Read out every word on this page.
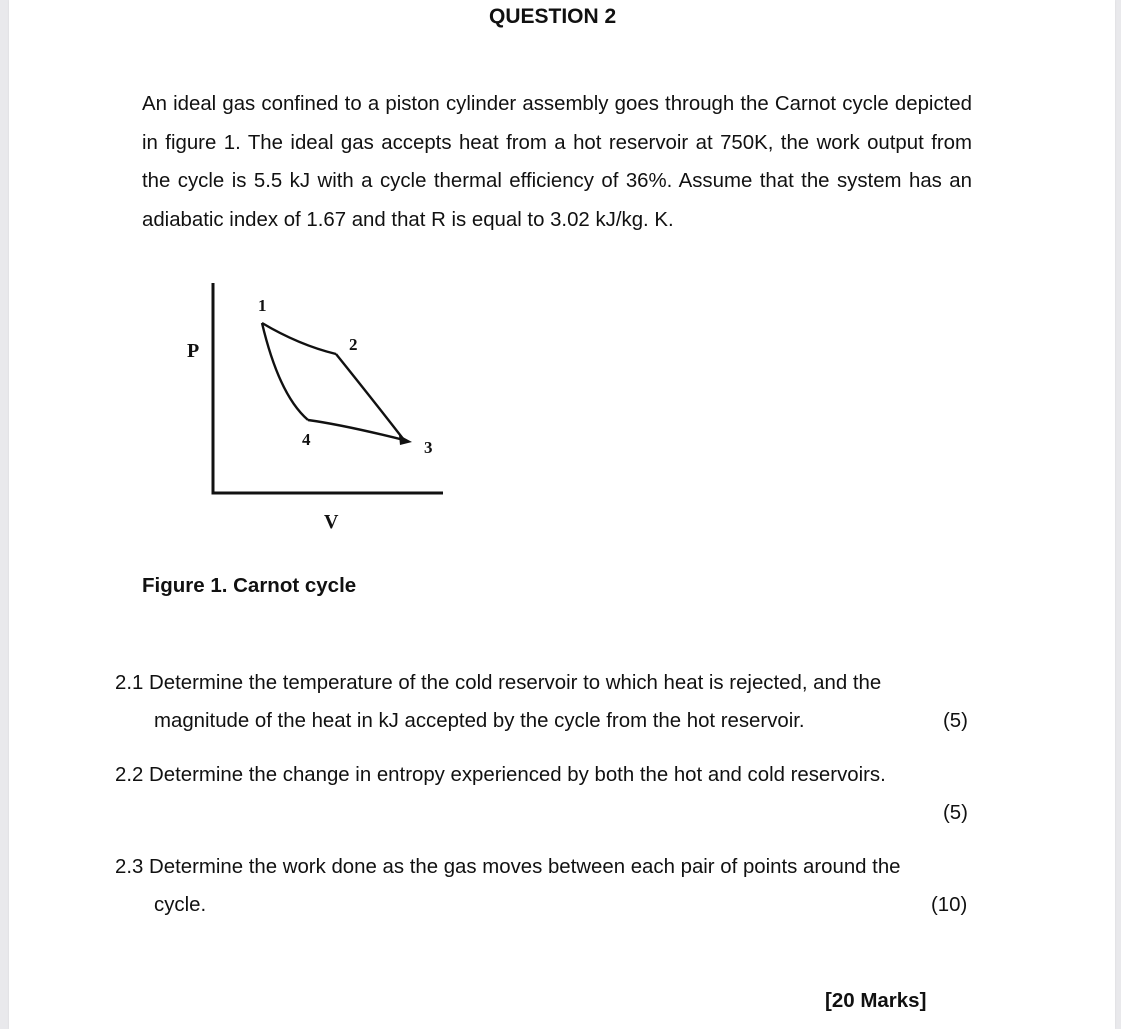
QUESTION 2
An ideal gas confined to a piston cylinder assembly goes through the Carnot cycle depicted in figure 1. The ideal gas accepts heat from a hot reservoir at 750K, the work output from the cycle is 5.5 kJ with a cycle thermal efficiency of 36%. Assume that the system has an adiabatic index of 1.67 and that R is equal to 3.02 kJ/kg. K.
P
V
1
2
3
4
Figure 1. Carnot cycle
2.1 Determine the temperature of the cold reservoir to which heat is rejected, and the
magnitude of the heat in kJ accepted by the cycle from the hot reservoir.	(5)
2.2 Determine the change in entropy experienced by both the hot and cold reservoirs.
(5)
2.3 Determine the work done as the gas moves between each pair of points around the
cycle.	(10)
[20 Marks]
